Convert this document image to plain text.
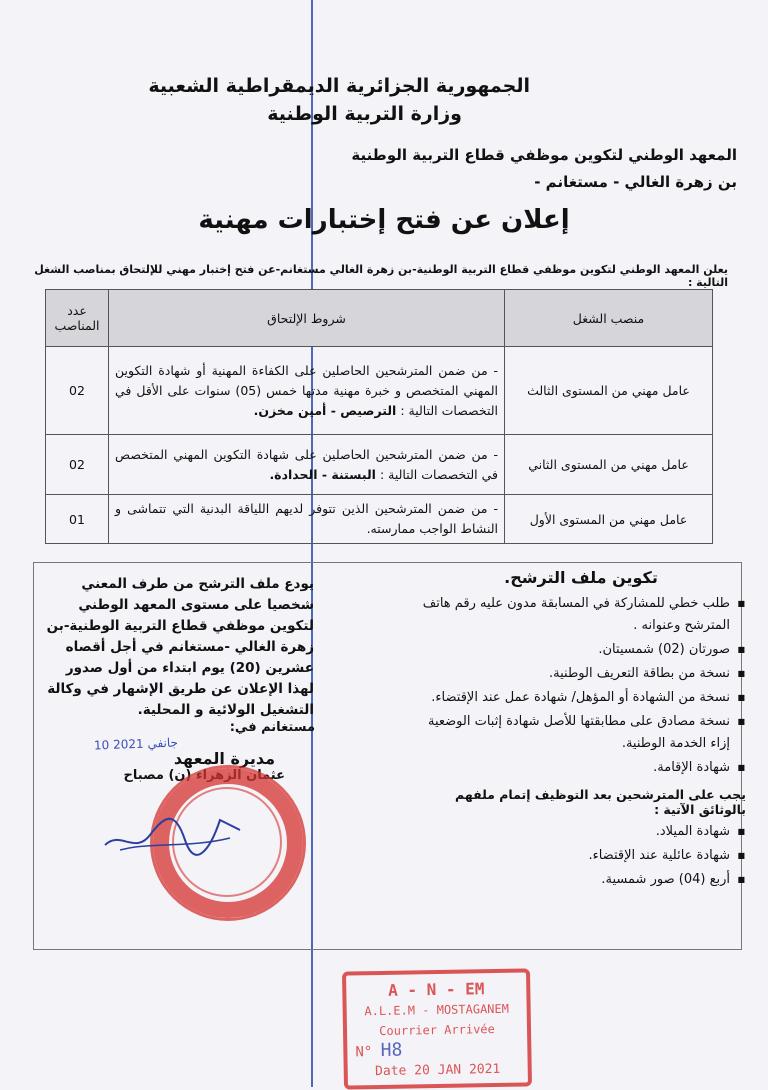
الجمهورية الجزائرية الديمقراطية الشعبية
وزارة التربية الوطنية
المعهد الوطني لتكوين موظفي قطاع التربية الوطنية
بن زهرة الغالي - مستغانم -
إعلان عن فتح إختبارات مهنية
يعلن المعهد الوطني لتكوين موظفي قطاع التربية الوطنية-بن زهرة الغالي مستغانم-عن فتح إختبار مهني للإلتحاق بمناصب الشغل التالية :
منصب الشغل	شروط الإلتحاق	عدد المناصب
عامل مهني من المستوى الثالث	- من ضمن المترشحين الحاصلين على الكفاءة المهنية أو شهادة التكوين المهني المتخصص و خبرة مهنية مدتها خمس (05) سنوات على الأقل في التخصصات التالية : الترصيص - أمين مخزن.	02
عامل مهني من المستوى الثاني	- من ضمن المترشحين الحاصلين على شهادة التكوين المهني المتخصص في التخصصات التالية : البستنة - الحدادة.	02
عامل مهني من المستوى الأول	- من ضمن المترشحين الذين تتوفر لديهم اللياقة البدنية التي تتماشى و النشاط الواجب ممارسته.	01
تكوين ملف الترشح.
■ طلب خطي للمشاركة في المسابقة مدون عليه رقم هاتف المترشح وعنوانه .
■ صورتان (02) شمسيتان.
■ نسخة من بطاقة التعريف الوطنية.
■ نسخة من الشهادة أو المؤهل/ شهادة عمل عند الإقتضاء.
■ نسخة مصادق على مطابقتها للأصل شهادة إثبات الوضعية إزاء الخدمة الوطنية.
■ شهادة الإقامة.
يجب على المترشحين بعد التوظيف إتمام ملفهم بالوثائق الآتية :
■ شهادة الميلاد.
■ شهادة عائلية عند الإقتضاء.
■ أربع (04) صور شمسية.
يودع ملف الترشح من طرف المعني شخصيا على مستوى المعهد الوطني لتكوين موظفي قطاع التربية الوطنية-بن زهرة الغالي -مستغانم في أجل أقصاه عشرين (20) يوم ابتداء من أول صدور لهذا الإعلان عن طريق الإشهار في وكالة التشغيل الولائية و المحلية.
مستغانم في:
مديرة المعهد
عثمان الزهراء (ن) مصباح
10 جانفي 2021
A - N - EM
A.L.E.M - MOSTAGANEM
Courrier Arrivée
N° H8
Date 20 JAN 2021
